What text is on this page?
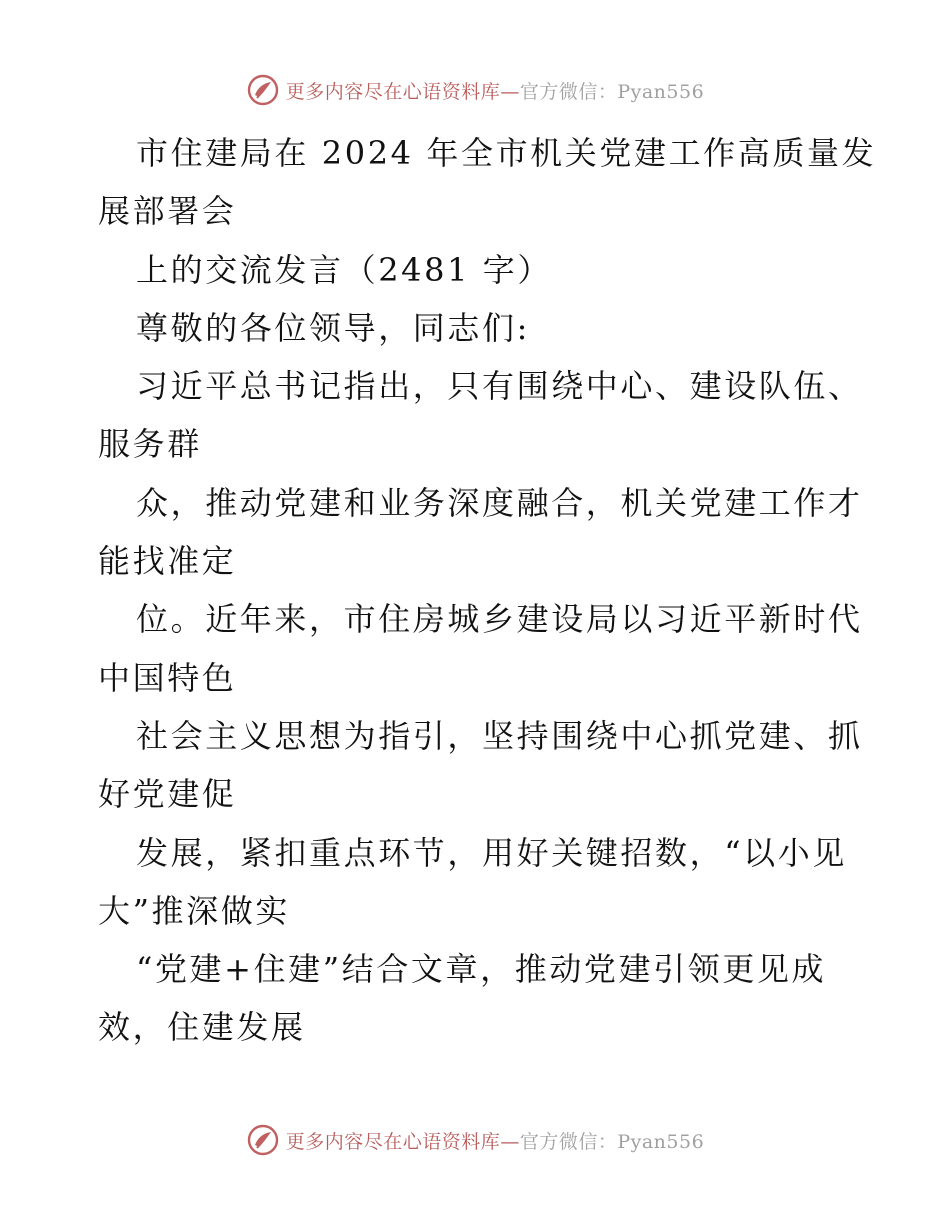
更多内容尽在心语资料库—官方微信：Pyan556
市住建局在 2024 年全市机关党建工作高质量发
展部署会
上的交流发言（2481 字）
尊敬的各位领导，同志们:
习近平总书记指出，只有围绕中心、建设队伍、
服务群
众，推动党建和业务深度融合，机关党建工作才
能找准定
位。近年来，市住房城乡建设局以习近平新时代
中国特色
社会主义思想为指引，坚持围绕中心抓党建、抓
好党建促
发展，紧扣重点环节，用好关键招数，“以小见
大”推深做实
“党建+住建”结合文章，推动党建引领更见成
效，住建发展
更多内容尽在心语资料库—官方微信：Pyan556
